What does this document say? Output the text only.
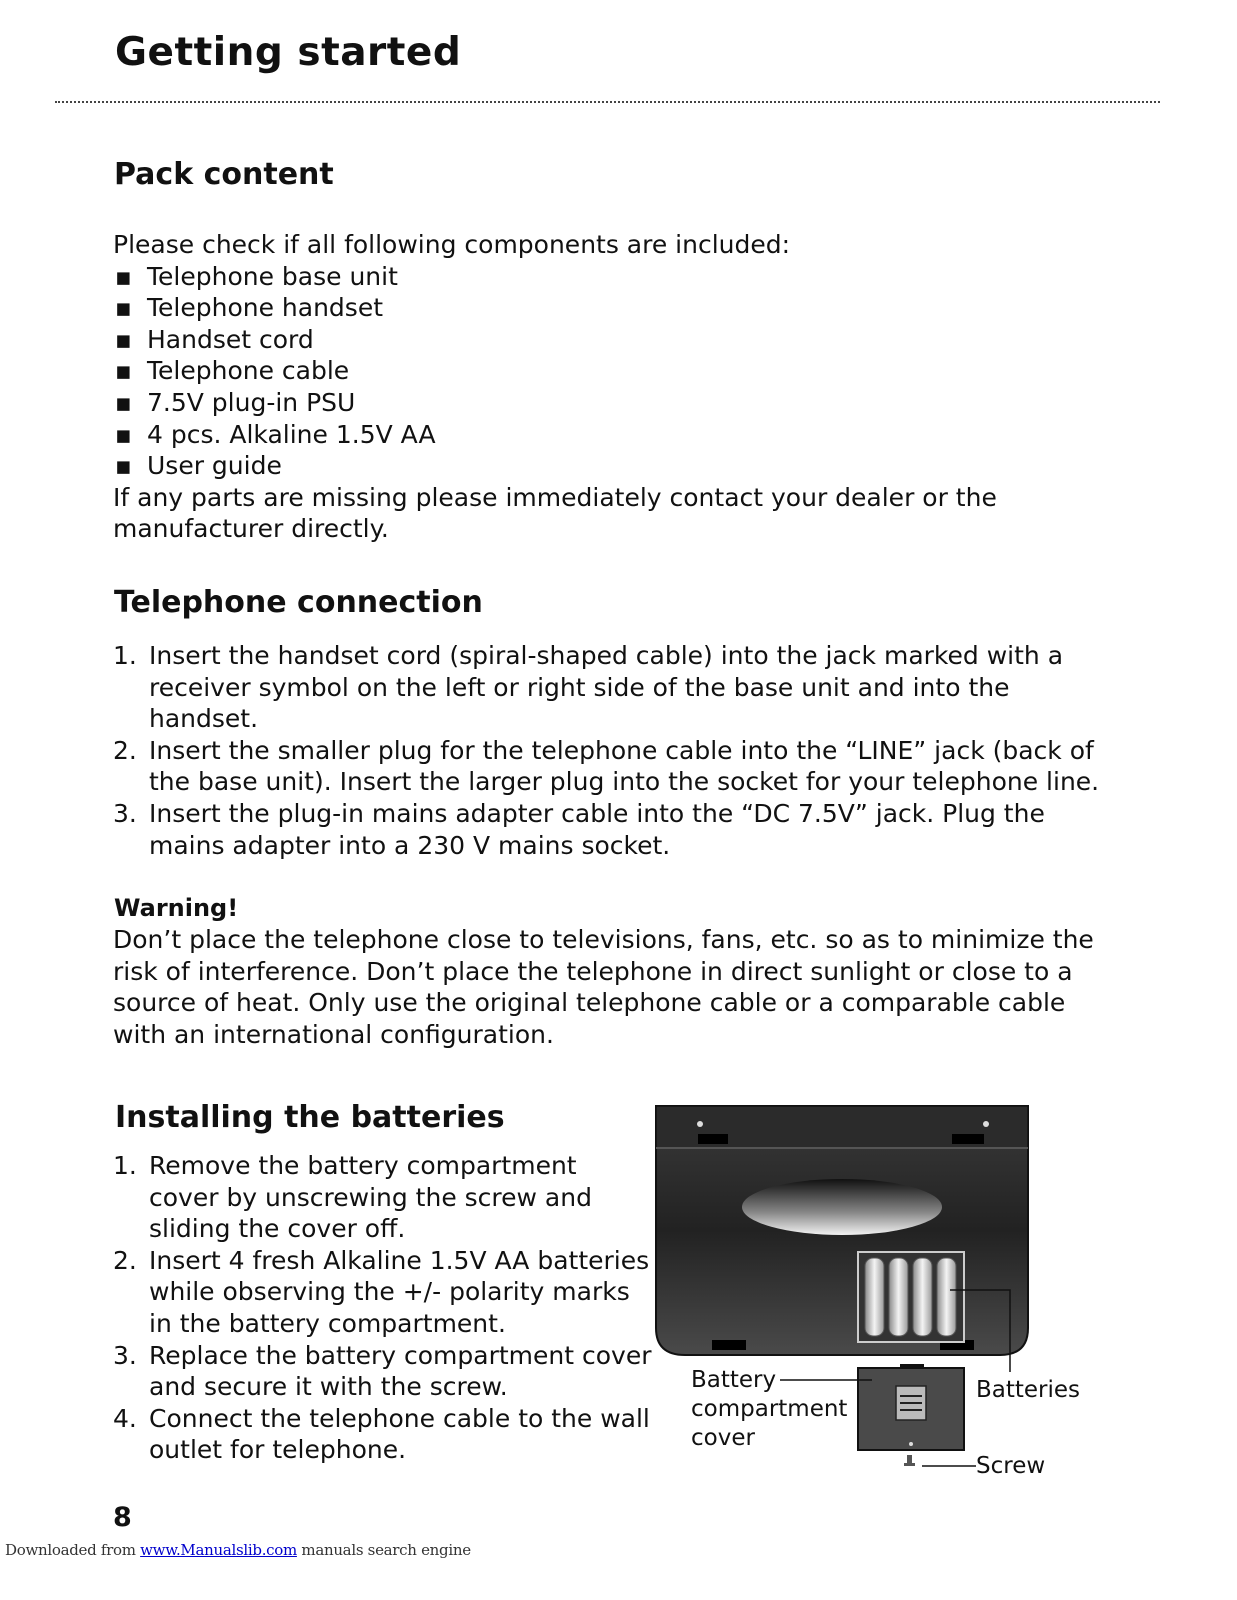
Getting started
Pack content
Please check if all following components are included:
▪ Telephone base unit
▪ Telephone handset
▪ Handset cord
▪ Telephone cable
▪ 7.5V plug-in PSU
▪ 4 pcs. Alkaline 1.5V AA
▪ User guide
If any parts are missing please immediately contact your dealer or the manufacturer directly.
Telephone connection
1. Insert the handset cord (spiral-shaped cable) into the jack marked with a receiver symbol on the left or right side of the base unit and into the handset.
2. Insert the smaller plug for the telephone cable into the “LINE” jack (back of the base unit). Insert the larger plug into the socket for your telephone line.
3. Insert the plug-in mains adapter cable into the “DC 7.5V” jack. Plug the mains adapter into a 230 V mains socket.
Warning!
Don’t place the telephone close to televisions, fans, etc. so as to minimize the risk of interference. Don’t place the telephone in direct sunlight or close to a source of heat. Only use the original telephone cable or a comparable cable with an international configuration.
Installing the batteries
1. Remove the battery compartment cover by unscrewing the screw and sliding the cover off.
2. Insert 4 fresh Alkaline 1.5V AA batteries while observing the +/- polarity marks in the battery compartment.
3. Replace the battery compartment cover and secure it with the screw.
4. Connect the telephone cable to the wall outlet for telephone.
Battery compartment cover
Batteries
Screw
8
Downloaded from www.Manualslib.com manuals search engine
